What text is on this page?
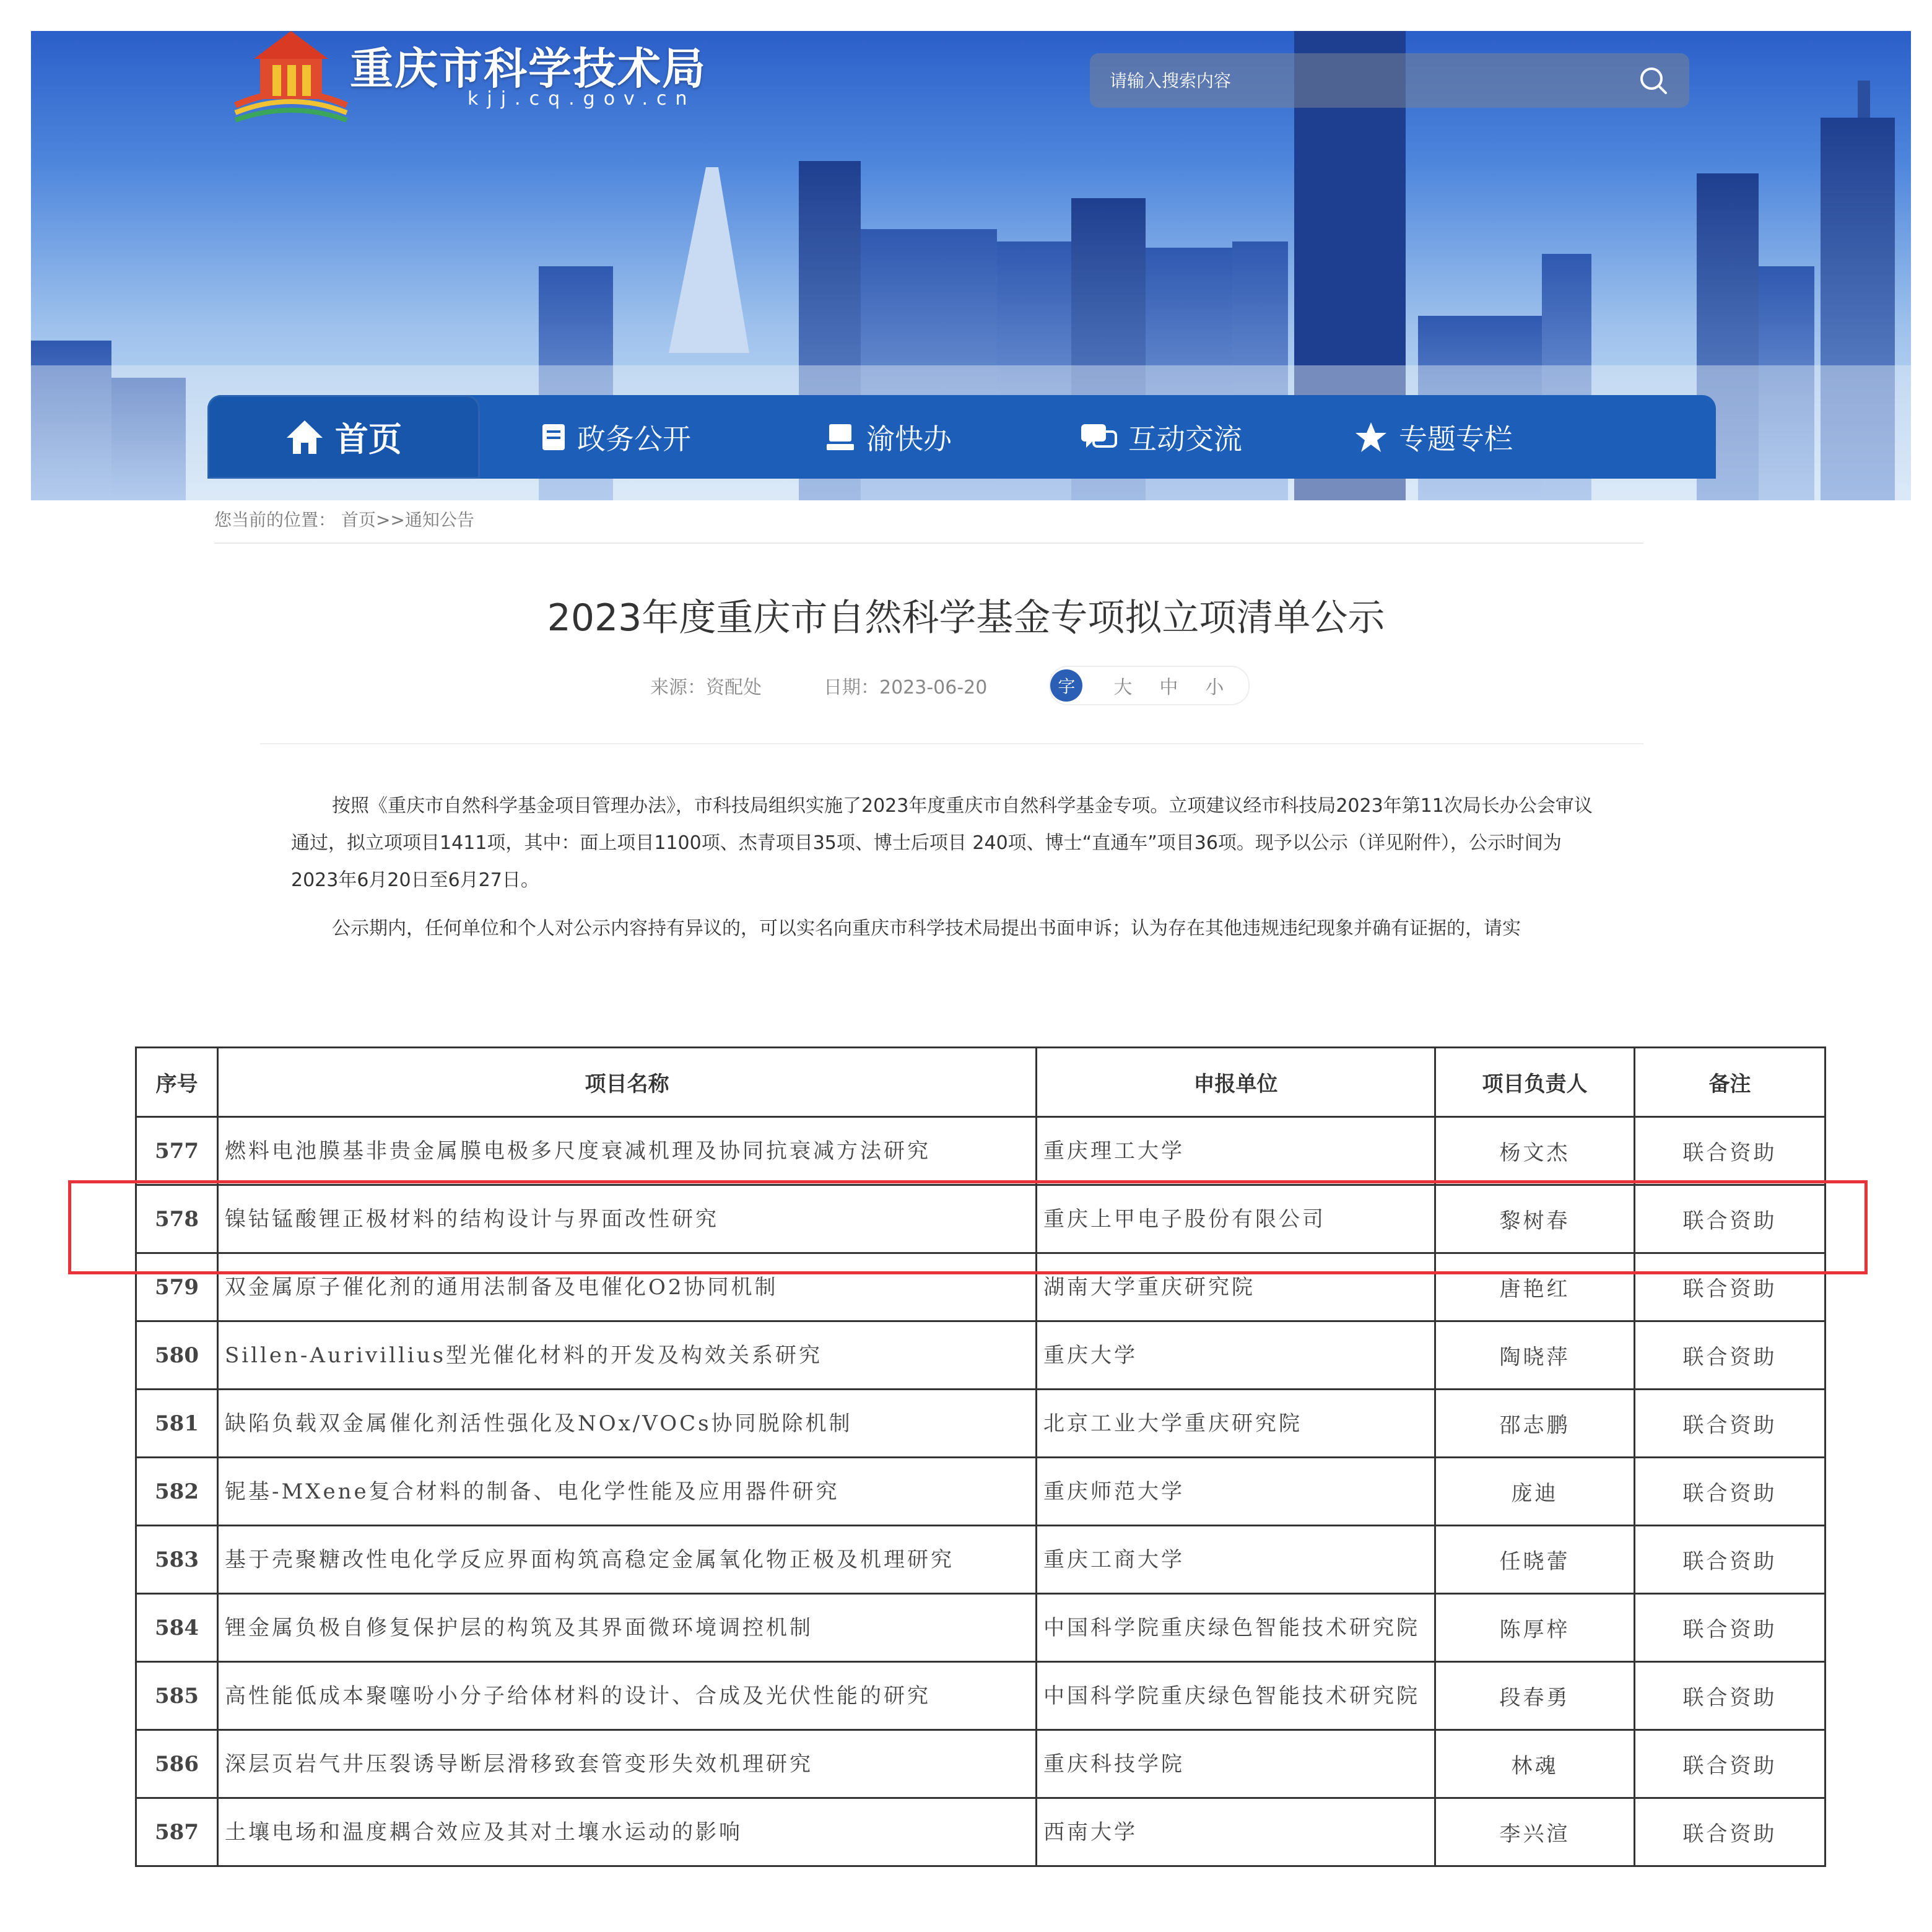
重庆市科学技术局
kjj.cq.gov.cn
请输入搜索内容
首页	政务公开	渝快办	互动交流	专题专栏
您当前的位置： 首页>>通知公告
2023年度重庆市自然科学基金专项拟立项清单公示
来源：资配处	日期：2023-06-20	字	大 中 小

按照《重庆市自然科学基金项目管理办法》，市科技局组织实施了2023年度重庆市自然科学基金专项。立项建议经市科技局2023年第11次局长办公会审议通过，拟立项项目1411项，其中：面上项目1100项、杰青项目35项、博士后项目 240项、博士“直通车”项目36项。现予以公示（详见附件），公示时间为2023年6月20日至6月27日。

公示期内，任何单位和个人对公示内容持有异议的，可以实名向重庆市科学技术局提出书面申诉；认为存在其他违规违纪现象并确有证据的，请实

序号	项目名称	申报单位	项目负责人	备注
577	燃料电池膜基非贵金属膜电极多尺度衰减机理及协同抗衰减方法研究	重庆理工大学	杨文杰	联合资助
578	镍钴锰酸锂正极材料的结构设计与界面改性研究	重庆上甲电子股份有限公司	黎树春	联合资助
579	双金属原子催化剂的通用法制备及电催化O2协同机制	湖南大学重庆研究院	唐艳红	联合资助
580	Sillen-Aurivillius型光催化材料的开发及构效关系研究	重庆大学	陶晓萍	联合资助
581	缺陷负载双金属催化剂活性强化及NOx/VOCs协同脱除机制	北京工业大学重庆研究院	邵志鹏	联合资助
582	铌基-MXene复合材料的制备、电化学性能及应用器件研究	重庆师范大学	庞迪	联合资助
583	基于壳聚糖改性电化学反应界面构筑高稳定金属氧化物正极及机理研究	重庆工商大学	任晓蕾	联合资助
584	锂金属负极自修复保护层的构筑及其界面微环境调控机制	中国科学院重庆绿色智能技术研究院	陈厚梓	联合资助
585	高性能低成本聚噻吩小分子给体材料的设计、合成及光伏性能的研究	中国科学院重庆绿色智能技术研究院	段春勇	联合资助
586	深层页岩气井压裂诱导断层滑移致套管变形失效机理研究	重庆科技学院	林魂	联合资助
587	土壤电场和温度耦合效应及其对土壤水运动的影响	西南大学	李兴渲	联合资助
